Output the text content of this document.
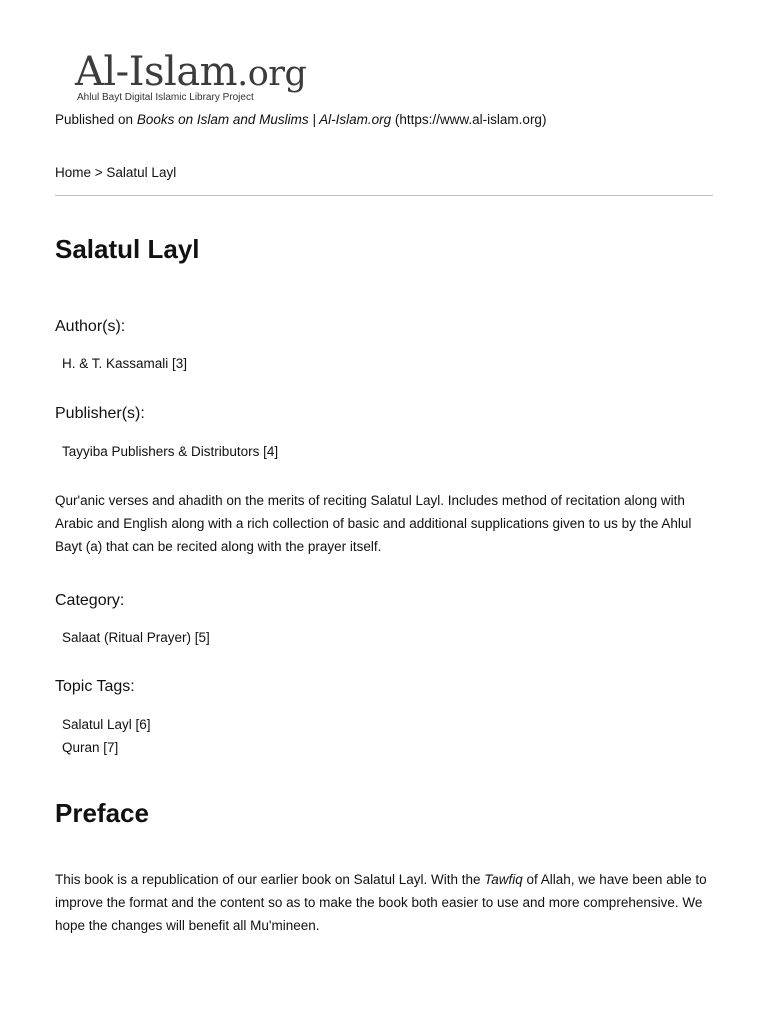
Al-Islam.org
Ahlul Bayt Digital Islamic Library Project
Published on Books on Islam and Muslims | Al-Islam.org (https://www.al-islam.org)
Home > Salatul Layl
Salatul Layl
Author(s):
H. & T. Kassamali [3]
Publisher(s):
Tayyiba Publishers & Distributors [4]

Qur'anic verses and ahadith on the merits of reciting Salatul Layl. Includes method of recitation along with Arabic and English along with a rich collection of basic and additional supplications given to us by the Ahlul Bayt (a) that can be recited along with the prayer itself.

Category:
Salaat (Ritual Prayer) [5]
Topic Tags:
Salatul Layl [6]
Quran [7]
Preface

This book is a republication of our earlier book on Salatul Layl. With the Tawfiq of Allah, we have been able to improve the format and the content so as to make the book both easier to use and more comprehensive. We hope the changes will benefit all Mu'mineen.
